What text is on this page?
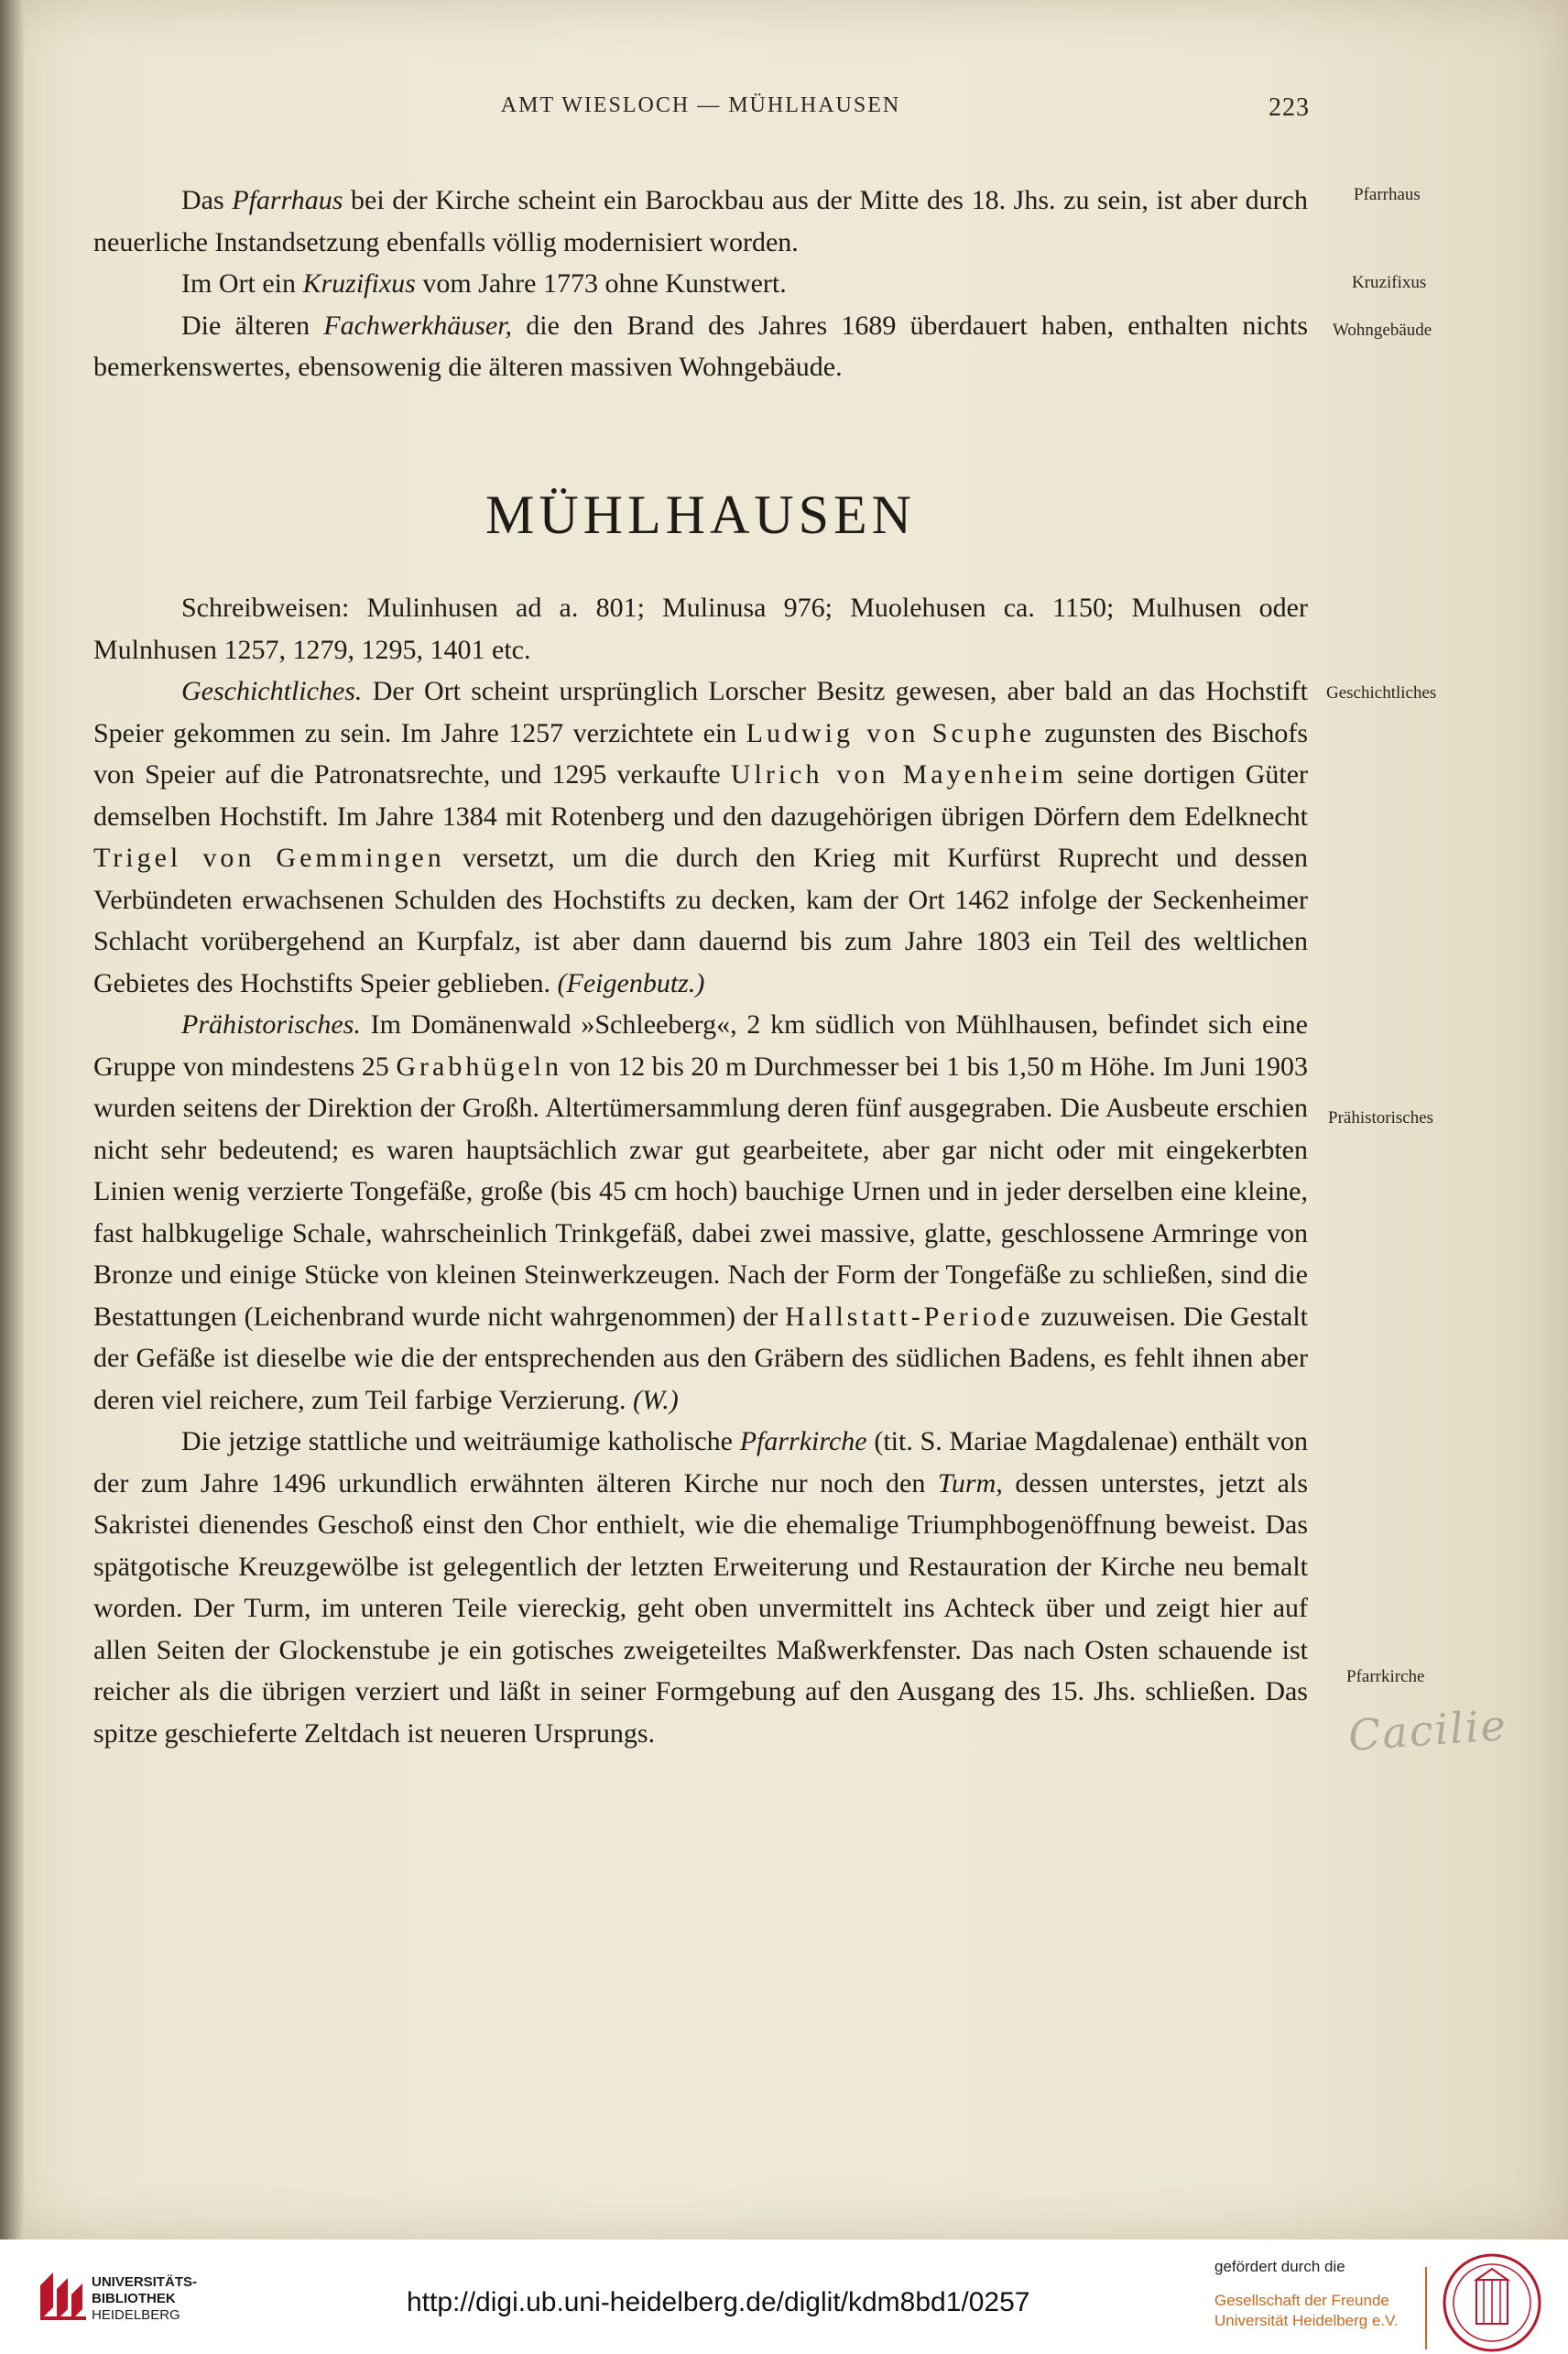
AMT WIESLOCH — MÜHLHAUSEN	223

Das Pfarrhaus bei der Kirche scheint ein Barockbau aus der Mitte des 18. Jhs. zu sein, ist aber durch neuerliche Instandsetzung ebenfalls völlig modernisiert worden.

Im Ort ein Kruzifixus vom Jahre 1773 ohne Kunstwert.

Die älteren Fachwerkhäuser, die den Brand des Jahres 1689 überdauert haben, enthalten nichts bemerkenswertes, ebensowenig die älteren massiven Wohngebäude.

MÜHLHAUSEN

Schreibweisen: Mulinhusen ad a. 801; Mulinusa 976; Muolehusen ca. 1150; Mulhusen oder Mulnhusen 1257, 1279, 1295, 1401 etc.

Geschichtliches. Der Ort scheint ursprünglich Lorscher Besitz gewesen, aber bald an das Hochstift Speier gekommen zu sein. Im Jahre 1257 verzichtete ein Ludwig von Scuphe zugunsten des Bischofs von Speier auf die Patronatsrechte, und 1295 verkaufte Ulrich von Mayenheim seine dortigen Güter demselben Hochstift. Im Jahre 1384 mit Rotenberg und den dazugehörigen übrigen Dörfern dem Edelknecht Trigel von Gemmingen versetzt, um die durch den Krieg mit Kurfürst Ruprecht und dessen Verbündeten erwachsenen Schulden des Hochstifts zu decken, kam der Ort 1462 infolge der Seckenheimer Schlacht vorübergehend an Kurpfalz, ist aber dann dauernd bis zum Jahre 1803 ein Teil des weltlichen Gebietes des Hochstifts Speier geblieben. (Feigenbutz.)

Prähistorisches. Im Domänenwald »Schleeberg«, 2 km südlich von Mühlhausen, befindet sich eine Gruppe von mindestens 25 Grabhügeln von 12 bis 20 m Durchmesser bei 1 bis 1,50 m Höhe. Im Juni 1903 wurden seitens der Direktion der Großh. Altertümersammlung deren fünf ausgegraben. Die Ausbeute erschien nicht sehr bedeutend; es waren hauptsächlich zwar gut gearbeitete, aber gar nicht oder mit eingekerbten Linien wenig verzierte Tongefäße, große (bis 45 cm hoch) bauchige Urnen und in jeder derselben eine kleine, fast halbkugelige Schale, wahrscheinlich Trinkgefäß, dabei zwei massive, glatte, geschlossene Armringe von Bronze und einige Stücke von kleinen Steinwerkzeugen. Nach der Form der Tongefäße zu schließen, sind die Bestattungen (Leichenbrand wurde nicht wahrgenommen) der Hallstatt-Periode zuzuweisen. Die Gestalt der Gefäße ist dieselbe wie die der entsprechenden aus den Gräbern des südlichen Badens, es fehlt ihnen aber deren viel reichere, zum Teil farbige Verzierung. (W.)

Die jetzige stattliche und weiträumige katholische Pfarrkirche (tit. S. Mariae Magdalenae) enthält von der zum Jahre 1496 urkundlich erwähnten älteren Kirche nur noch den Turm, dessen unterstes, jetzt als Sakristei dienendes Geschoß einst den Chor enthielt, wie die ehemalige Triumphbogenöffnung beweist. Das spätgotische Kreuzgewölbe ist gelegentlich der letzten Erweiterung und Restauration der Kirche neu bemalt worden. Der Turm, im unteren Teile viereckig, geht oben unvermittelt ins Achteck über und zeigt hier auf allen Seiten der Glockenstube je ein gotisches zweigeteiltes Maßwerkfenster. Das nach Osten schauende ist reicher als die übrigen verziert und läßt in seiner Formgebung auf den Ausgang des 15. Jhs. schließen. Das spitze geschieferte Zeltdach ist neueren Ursprungs.

Pfarrhaus
Kruzifixus
Wohngebäude
Geschichtliches
Prähistorisches
Pfarrkirche
Cacilie
UNIVERSITÄTS-
BIBLIOTHEK
HEIDELBERG	http://digi.ub.uni-heidelberg.de/diglit/kdm8bd1/0257
gefördert durch die
Gesellschaft der Freunde
Universität Heidelberg e.V.
